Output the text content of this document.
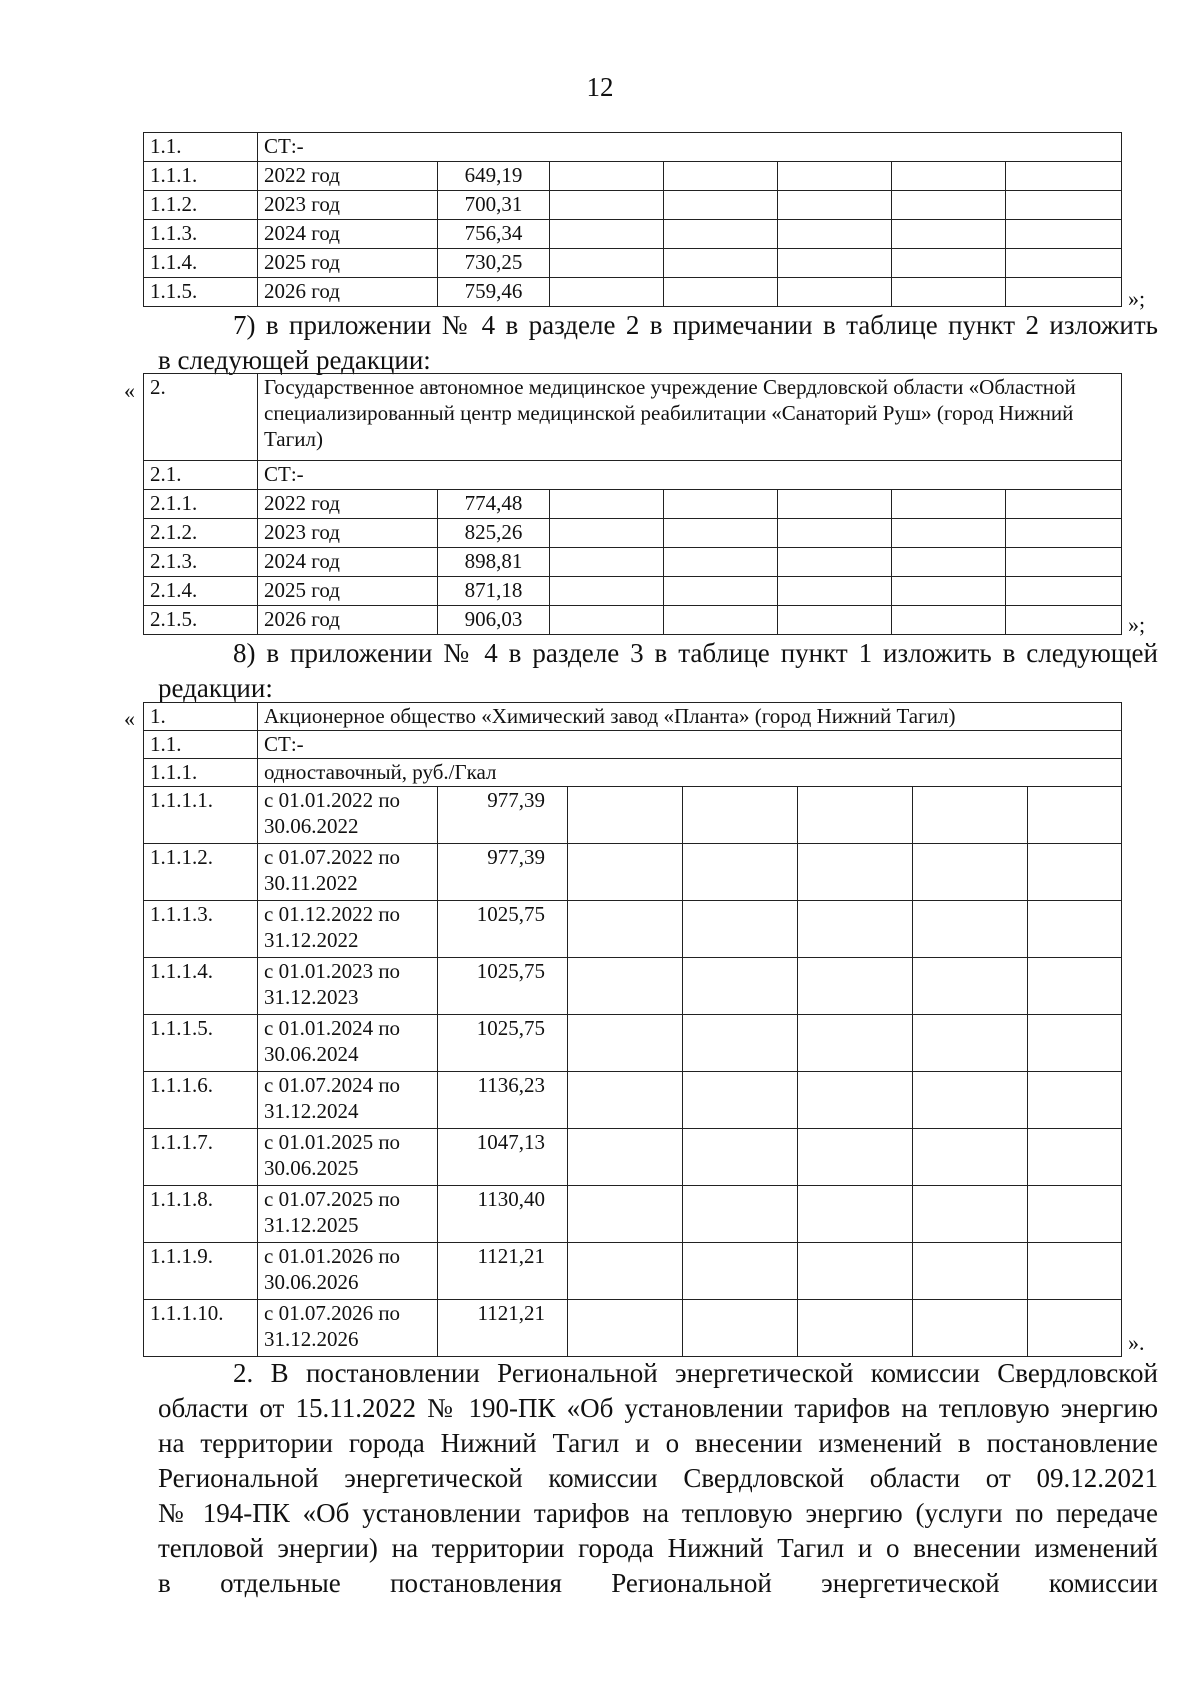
12
1.1.	СТ:-						
1.1.1.	2022 год	649,19					
1.1.2.	2023 год	700,31					
1.1.3.	2024 год	756,34					
1.1.4.	2025 год	730,25					
1.1.5.	2026 год	759,46						»;
7) в приложении № 4 в разделе 2 в примечании в таблице пункт 2 изложить
в следующей редакции:
« 2.	Государственное автономное медицинское учреждение Свердловской области «Областной специализированный центр медицинской реабилитации «Санаторий Руш» (город Нижний Тагил)						
2.1.	СТ:-						
2.1.1.	2022 год	774,48					
2.1.2.	2023 год	825,26					
2.1.3.	2024 год	898,81					
2.1.4.	2025 год	871,18					
2.1.5.	2026 год	906,03						»;
8) в приложении № 4 в разделе 3 в таблице пункт 1 изложить в следующей
редакции:
« 1.	Акционерное общество «Химический завод «Планта» (город Нижний Тагил)						
1.1.	СТ:-						
1.1.1.	одноставочный, руб./Гкал						
1.1.1.1.	с 01.01.2022 по 30.06.2022	977,39					
1.1.1.2.	с 01.07.2022 по 30.11.2022	977,39					
1.1.1.3.	с 01.12.2022 по 31.12.2022	1025,75					
1.1.1.4.	с 01.01.2023 по 31.12.2023	1025,75					
1.1.1.5.	с 01.01.2024 по 30.06.2024	1025,75					
1.1.1.6.	с 01.07.2024 по 31.12.2024	1136,23					
1.1.1.7.	с 01.01.2025 по 30.06.2025	1047,13					
1.1.1.8.	с 01.07.2025 по 31.12.2025	1130,40					
1.1.1.9.	с 01.01.2026 по 30.06.2026	1121,21					
1.1.1.10.	с 01.07.2026 по 31.12.2026	1121,21					
».
2. В постановлении Региональной энергетической комиссии Свердловской
области от 15.11.2022 № 190-ПК «Об установлении тарифов на тепловую энергию
на территории города Нижний Тагил и о внесении изменений в постановление
Региональной энергетической комиссии Свердловской области от 09.12.2021
№ 194-ПК «Об установлении тарифов на тепловую энергию (услуги по передаче
тепловой энергии) на территории города Нижний Тагил и о внесении изменений
в отдельные постановления Региональной энергетической комиссии
